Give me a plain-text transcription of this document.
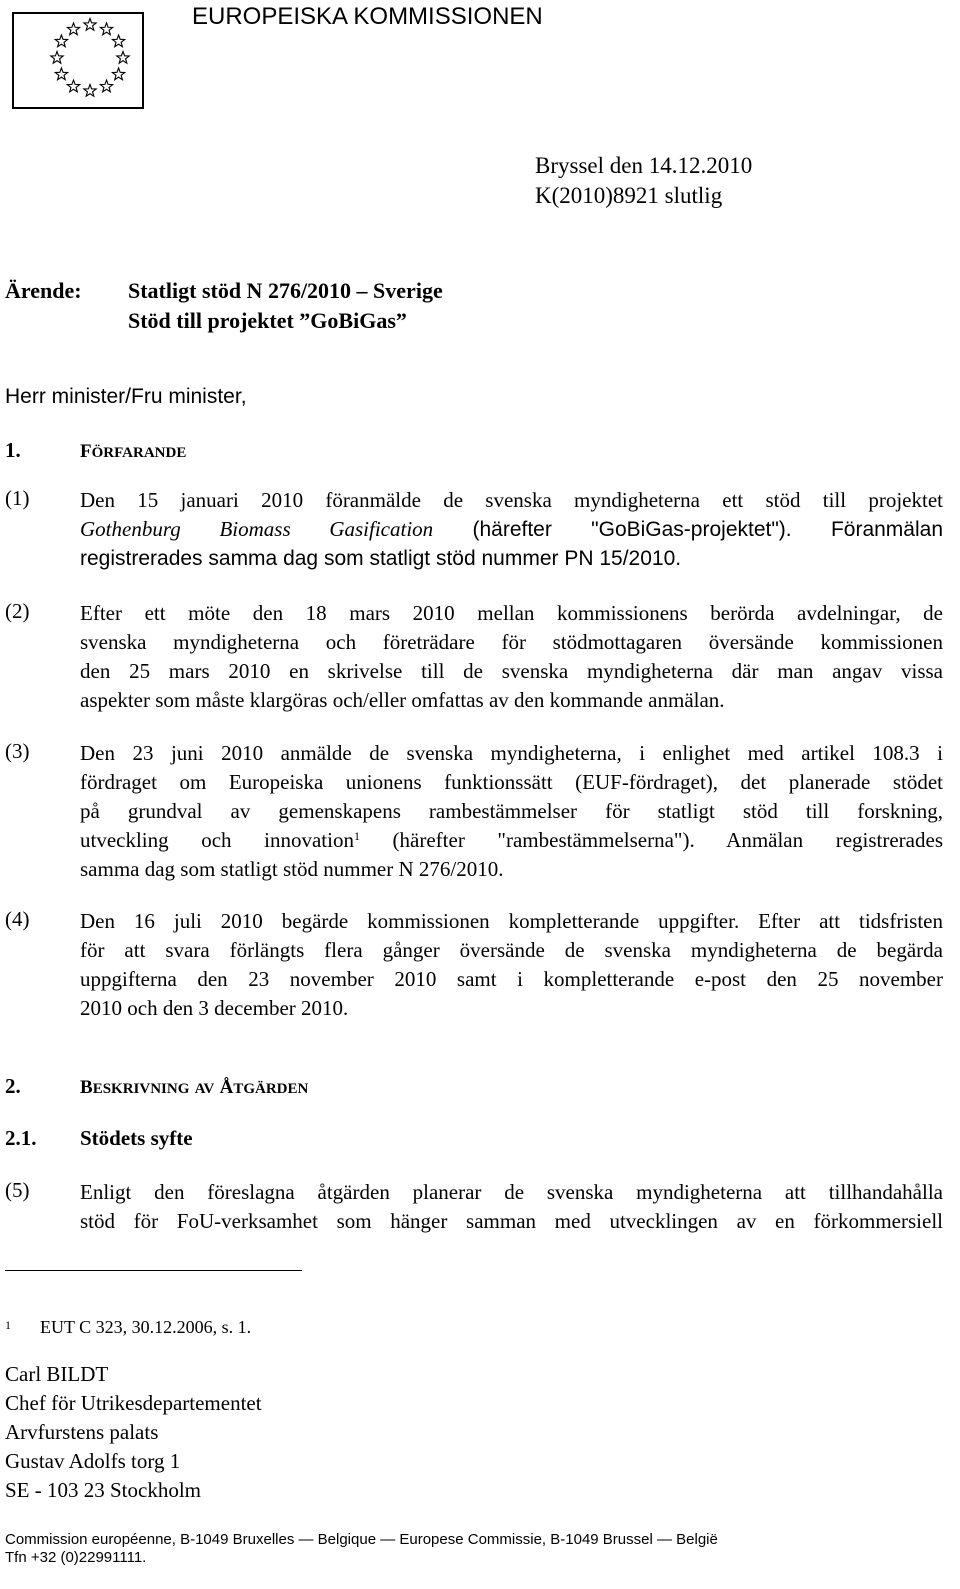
EUROPEISKA KOMMISSIONEN
Bryssel den 14.12.2010
K(2010)8921 slutlig
Ärende: Statligt stöd N 276/2010 – Sverige
Stöd till projektet ”GoBiGas”
Herr minister/Fru minister,
1.	FÖRFARANDE
(1) Den 15 januari 2010 föranmälde de svenska myndigheterna ett stöd till projektet
Gothenburg Biomass Gasification (härefter "GoBiGas-projektet"). Föranmälan
registrerades samma dag som statligt stöd nummer PN 15/2010.
(2) Efter ett möte den 18 mars 2010 mellan kommissionens berörda avdelningar, de
svenska myndigheterna och företrädare för stödmottagaren översände kommissionen
den 25 mars 2010 en skrivelse till de svenska myndigheterna där man angav vissa
aspekter som måste klargöras och/eller omfattas av den kommande anmälan.
(3) Den 23 juni 2010 anmälde de svenska myndigheterna, i enlighet med artikel 108.3 i
fördraget om Europeiska unionens funktionssätt (EUF-fördraget), det planerade stödet
på grundval av gemenskapens rambestämmelser för statligt stöd till forskning,
utveckling och innovation$^1$ (härefter "rambestämmelserna"). Anmälan registrerades
samma dag som statligt stöd nummer N 276/2010.
(4) Den 16 juli 2010 begärde kommissionen kompletterande uppgifter. Efter att tidsfristen
för att svara förlängts flera gånger översände de svenska myndigheterna de begärda
uppgifterna den 23 november 2010 samt i kompletterande e-post den 25 november
2010 och den 3 december 2010.
2.	BESKRIVNING AV ÅTGÄRDEN
2.1. Stödets syfte
(5) Enligt den föreslagna åtgärden planerar de svenska myndigheterna att tillhandahålla
stöd för FoU-verksamhet som hänger samman med utvecklingen av en förkommersiell
1 EUT C 323, 30.12.2006, s. 1.
Carl BILDT
Chef för Utrikesdepartementet
Arvfurstens palats
Gustav Adolfs torg 1
SE - 103 23 Stockholm
Commission européenne, B-1049 Bruxelles — Belgique — Europese Commissie, B-1049 Brussel — België
Tfn +32 (0)22991111.
